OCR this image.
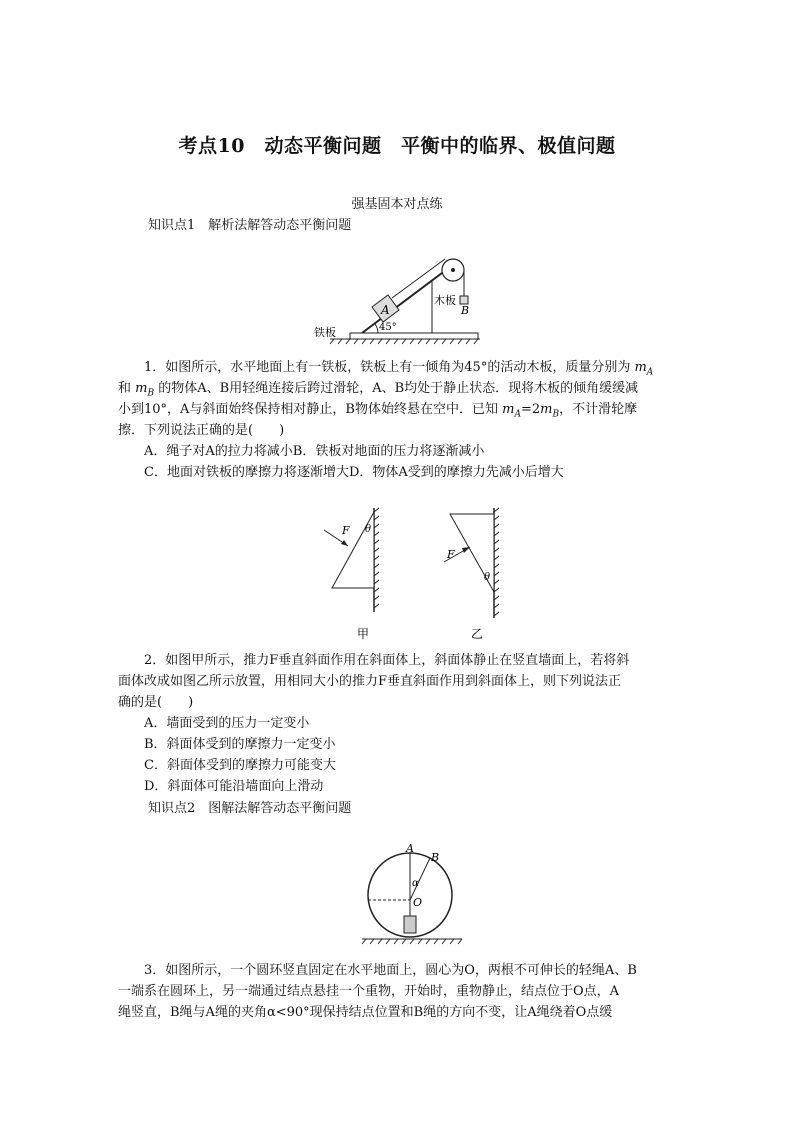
考点10　动态平衡问题　平衡中的临界、极值问题
强基固本对点练
知识点1　解析法解答动态平衡问题
A	B
木板
铁板	45°
1．如图所示，水平地面上有一铁板，铁板上有一倾角为45°的活动木板，质量分别为 $m_A$
和 $m_B$ 的物体A、B用轻绳连接后跨过滑轮，A、B均处于静止状态．现将木板的倾角缓缓减
小到10°，A与斜面始终保持相对静止，B物体始终悬在空中．已知 $m_A=2m_B$，不计滑轮摩
擦．下列说法正确的是(　　)
A．绳子对A的拉力将减小B．铁板对地面的压力将逐渐减小
C．地面对铁板的摩擦力将逐渐增大D．物体A受到的摩擦力先减小后增大
F θ
甲
F
θ
乙
2．如图甲所示，推力F垂直斜面作用在斜面体上，斜面体静止在竖直墙面上，若将斜
面体改成如图乙所示放置，用相同大小的推力F垂直斜面作用到斜面体上，则下列说法正
确的是(　　)
A．墙面受到的压力一定变小
B．斜面体受到的摩擦力一定变小
C．斜面体受到的摩擦力可能变大
D．斜面体可能沿墙面向上滑动
知识点2　图解法解答动态平衡问题
A
B
O
α
3．如图所示，一个圆环竖直固定在水平地面上，圆心为O，两根不可伸长的轻绳A、B
一端系在圆环上，另一端通过结点悬挂一个重物，开始时，重物静止，结点位于O点，A
绳竖直，B绳与A绳的夹角α<90°现保持结点位置和B绳的方向不变，让A绳绕着O点缓
